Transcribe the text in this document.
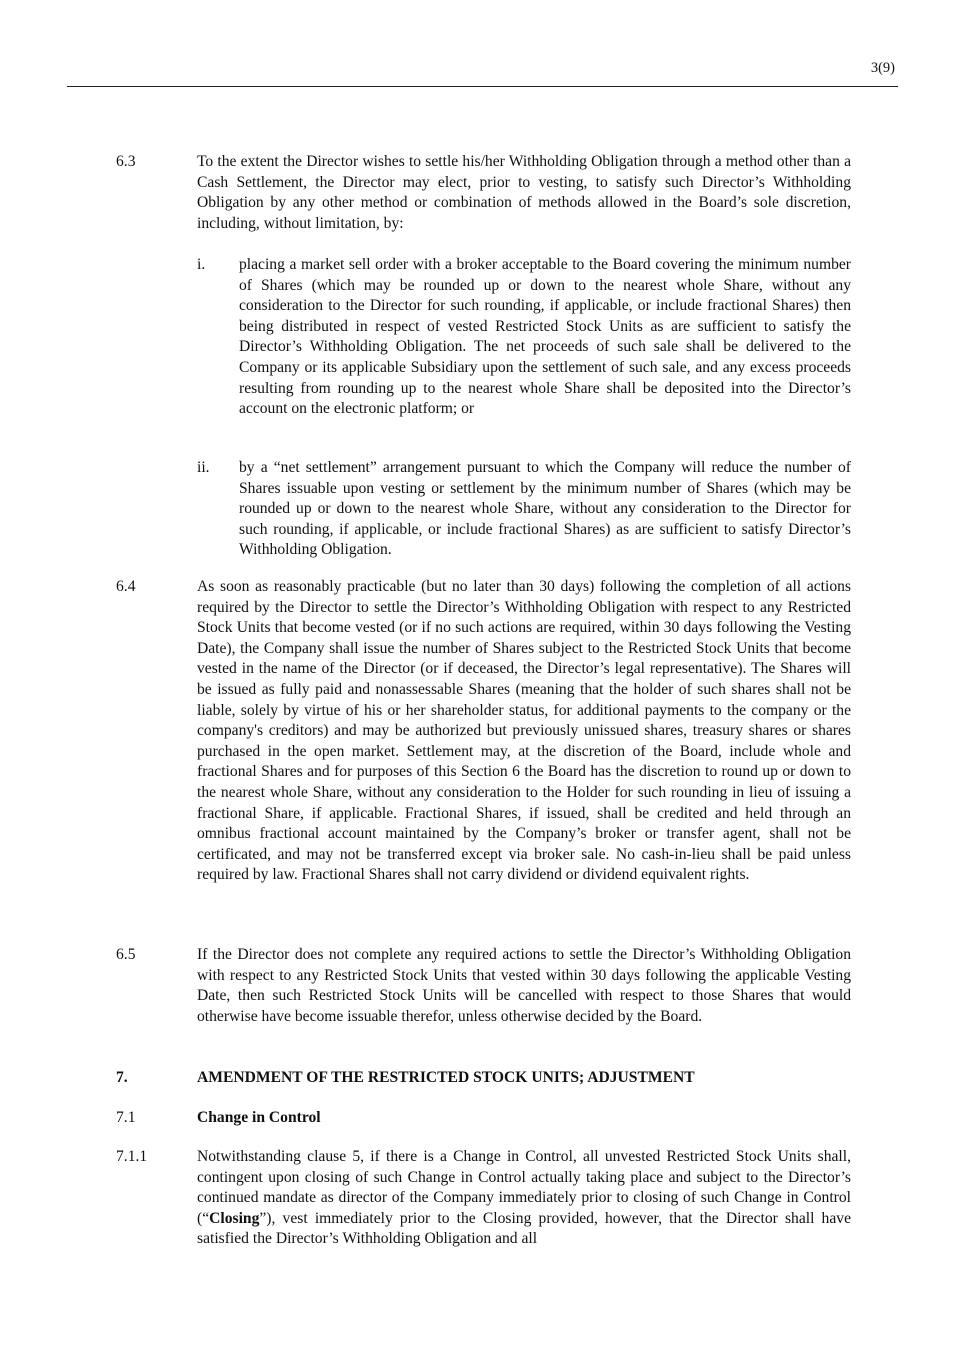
3(9)
6.3	To the extent the Director wishes to settle his/her Withholding Obligation through a method other than a Cash Settlement, the Director may elect, prior to vesting, to satisfy such Director’s Withholding Obligation by any other method or combination of methods allowed in the Board’s sole discretion, including, without limitation, by:
i. placing a market sell order with a broker acceptable to the Board covering the minimum number of Shares (which may be rounded up or down to the nearest whole Share, without any consideration to the Director for such rounding, if applicable, or include fractional Shares) then being distributed in respect of vested Restricted Stock Units as are sufficient to satisfy the Director’s Withholding Obligation. The net proceeds of such sale shall be delivered to the Company or its applicable Subsidiary upon the settlement of such sale, and any excess proceeds resulting from rounding up to the nearest whole Share shall be deposited into the Director’s account on the electronic platform; or
ii. by a “net settlement” arrangement pursuant to which the Company will reduce the number of Shares issuable upon vesting or settlement by the minimum number of Shares (which may be rounded up or down to the nearest whole Share, without any consideration to the Director for such rounding, if applicable, or include fractional Shares) as are sufficient to satisfy Director’s Withholding Obligation.
6.4	As soon as reasonably practicable (but no later than 30 days) following the completion of all actions required by the Director to settle the Director’s Withholding Obligation with respect to any Restricted Stock Units that become vested (or if no such actions are required, within 30 days following the Vesting Date), the Company shall issue the number of Shares subject to the Restricted Stock Units that become vested in the name of the Director (or if deceased, the Director’s legal representative). The Shares will be issued as fully paid and nonassessable Shares (meaning that the holder of such shares shall not be liable, solely by virtue of his or her shareholder status, for additional payments to the company or the company's creditors) and may be authorized but previously unissued shares, treasury shares or shares purchased in the open market. Settlement may, at the discretion of the Board, include whole and fractional Shares and for purposes of this Section 6 the Board has the discretion to round up or down to the nearest whole Share, without any consideration to the Holder for such rounding in lieu of issuing a fractional Share, if applicable. Fractional Shares, if issued, shall be credited and held through an omnibus fractional account maintained by the Company’s broker or transfer agent, shall not be certificated, and may not be transferred except via broker sale. No cash-in-lieu shall be paid unless required by law. Fractional Shares shall not carry dividend or dividend equivalent rights.
6.5	If the Director does not complete any required actions to settle the Director’s Withholding Obligation with respect to any Restricted Stock Units that vested within 30 days following the applicable Vesting Date, then such Restricted Stock Units will be cancelled with respect to those Shares that would otherwise have become issuable therefor, unless otherwise decided by the Board.
7.	AMENDMENT OF THE RESTRICTED STOCK UNITS; ADJUSTMENT
7.1	Change in Control
7.1.1	Notwithstanding clause 5, if there is a Change in Control, all unvested Restricted Stock Units shall, contingent upon closing of such Change in Control actually taking place and subject to the Director’s continued mandate as director of the Company immediately prior to closing of such Change in Control (“Closing”), vest immediately prior to the Closing provided, however, that the Director shall have satisfied the Director’s Withholding Obligation and all
